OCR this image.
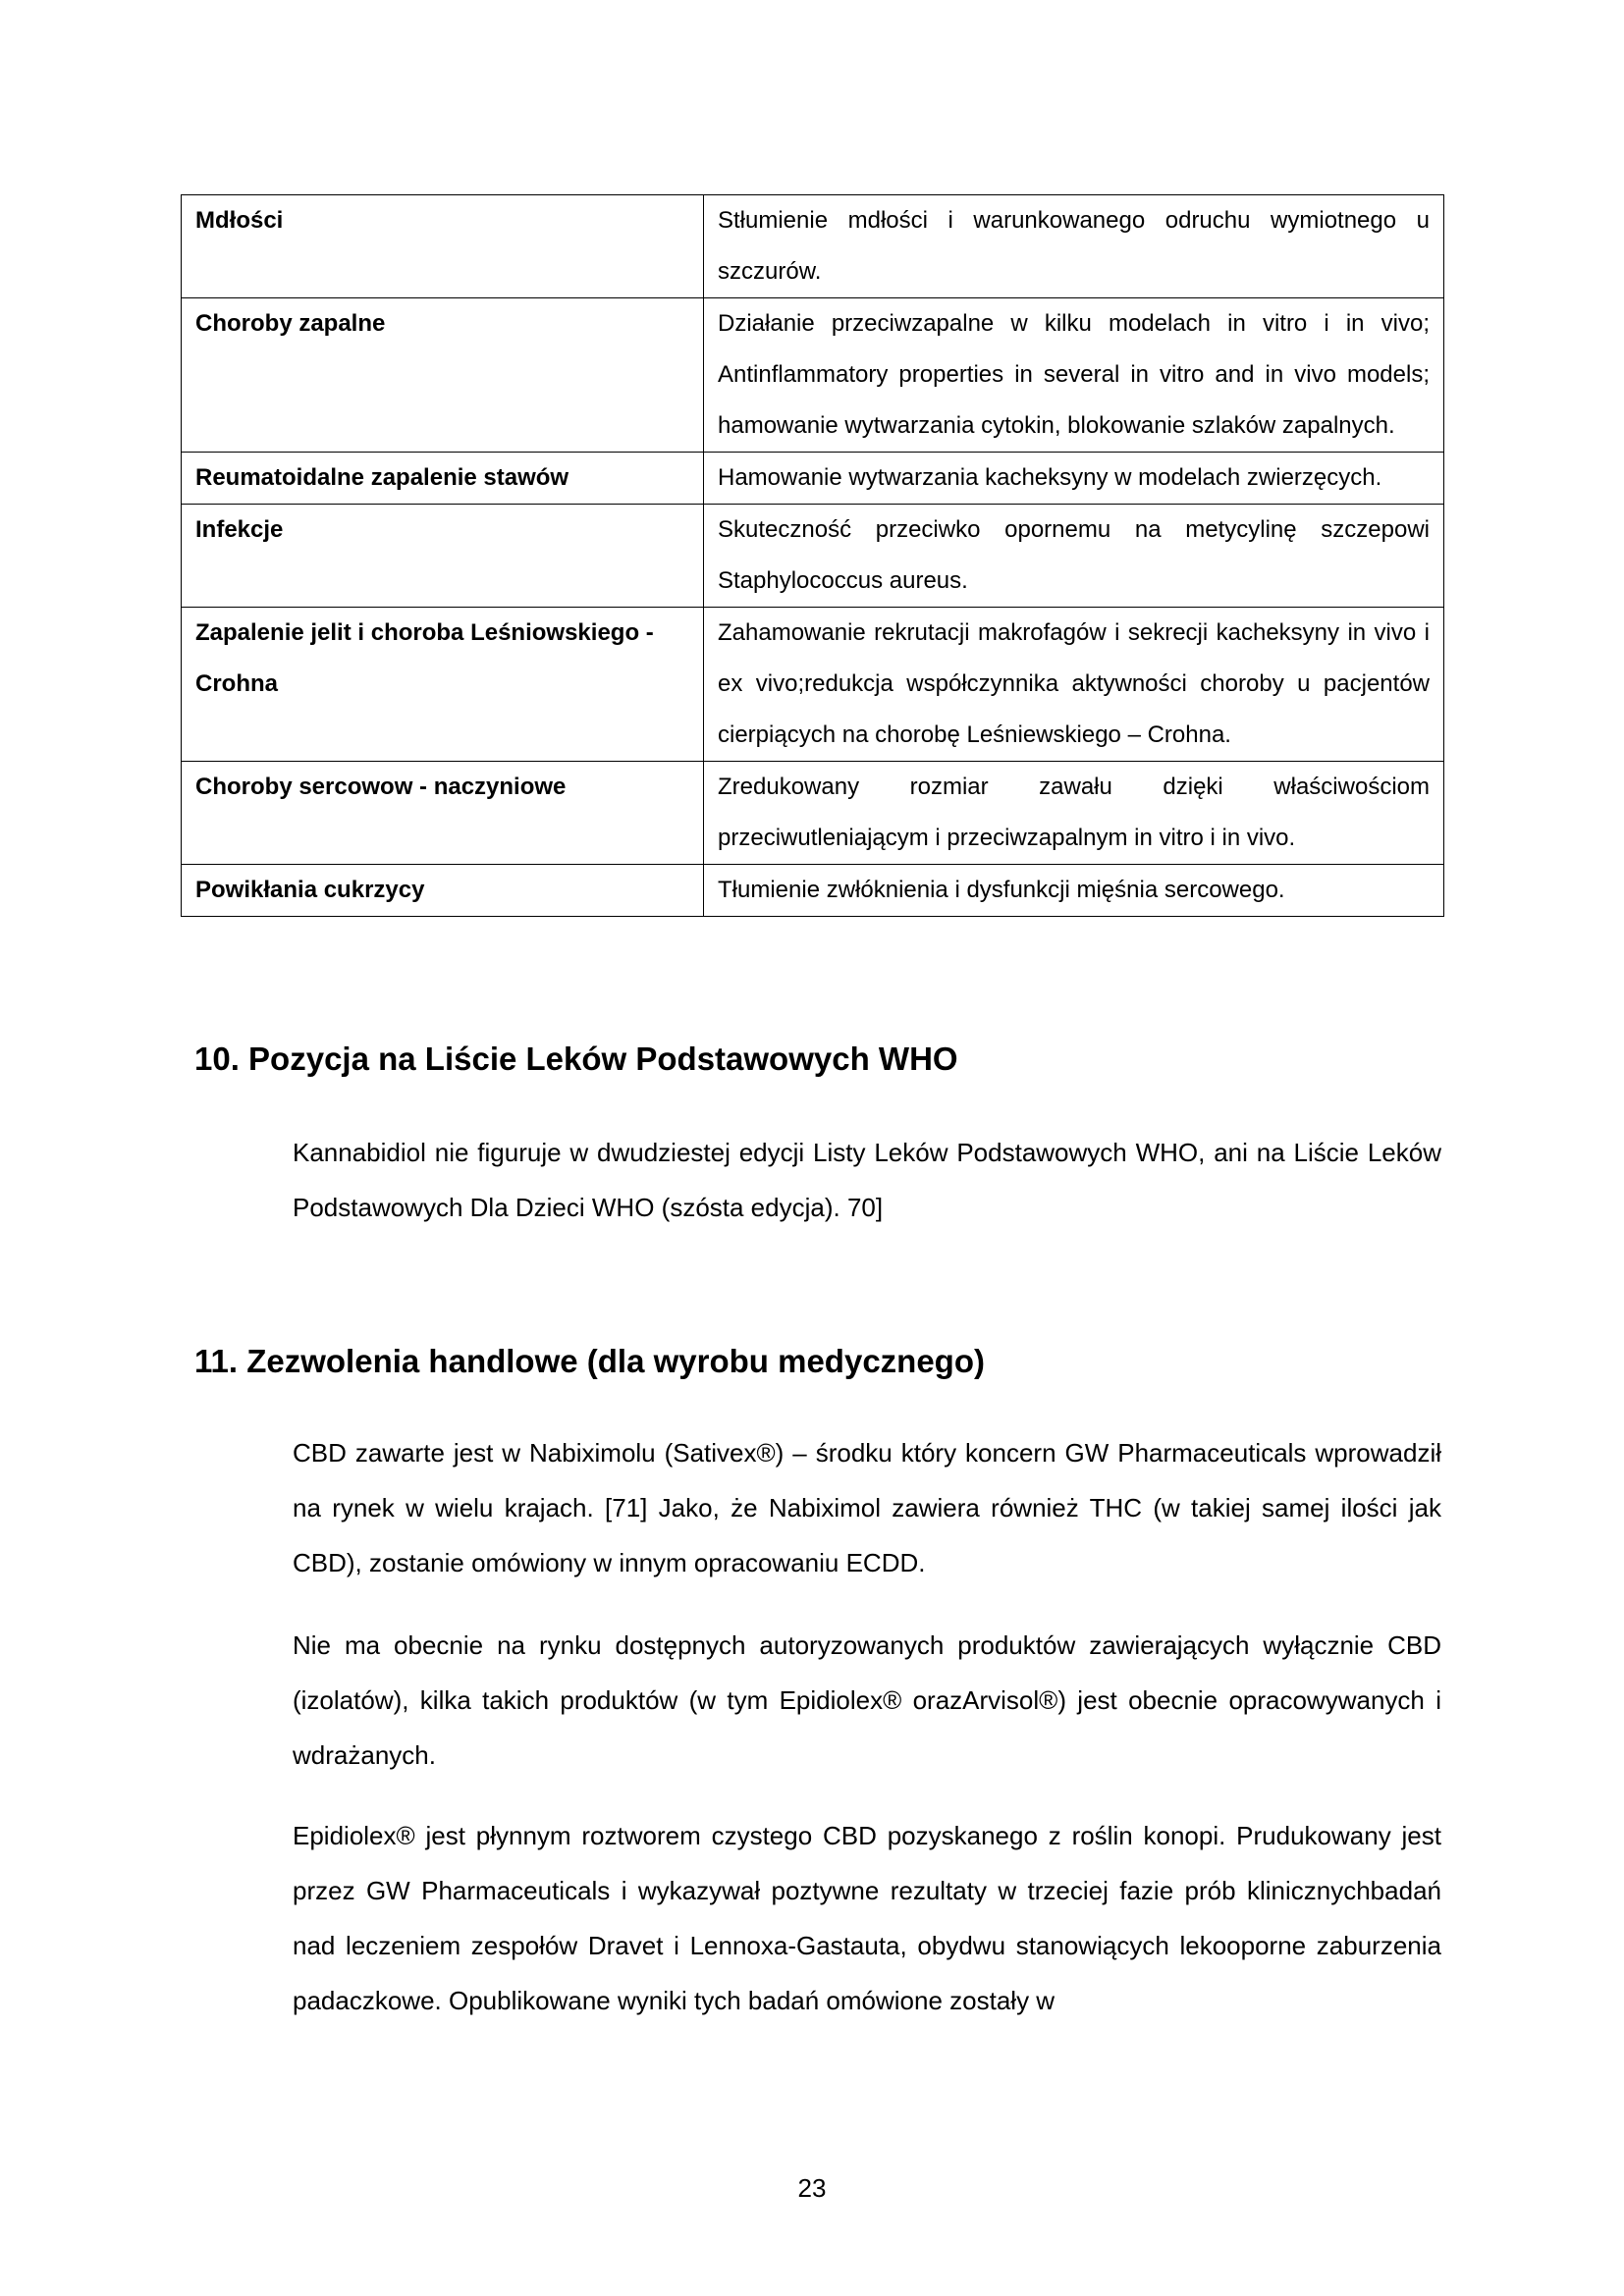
Mdłości	Stłumienie mdłości i warunkowanego odruchu wymiotnego u szczurów.
Choroby zapalne	Działanie przeciwzapalne w kilku modelach in vitro i in vivo; Antinflammatory properties in several in vitro and in vivo models; hamowanie wytwarzania cytokin, blokowanie szlaków zapalnych.
Reumatoidalne zapalenie stawów	Hamowanie wytwarzania kacheksyny w modelach zwierzęcych.
Infekcje	Skuteczność przeciwko opornemu na metycylinę szczepowi Staphylococcus aureus.
Zapalenie jelit i choroba Leśniowskiego - Crohna	Zahamowanie rekrutacji makrofagów i sekrecji kacheksyny in vivo i ex vivo;redukcja współczynnika aktywności choroby u pacjentów cierpiących na chorobę Leśniewskiego – Crohna.
Choroby sercowow - naczyniowe	Zredukowany rozmiar zawału dzięki właściwościom przeciwutleniającym i przeciwzapalnym in vitro i in vivo.
Powikłania cukrzycy	Tłumienie zwłóknienia i dysfunkcji mięśnia sercowego.
10. Pozycja na Liście Leków Podstawowych WHO

Kannabidiol nie figuruje w dwudziestej edycji Listy Leków Podstawowych WHO, ani na Liście Leków Podstawowych Dla Dzieci WHO (szósta edycja). 70]

11. Zezwolenia handlowe (dla wyrobu medycznego)

CBD zawarte jest w Nabiximolu (Sativex®) – środku który koncern GW Pharmaceuticals wprowadził na rynek w wielu krajach. [71] Jako, że Nabiximol zawiera również THC (w takiej samej ilości jak CBD), zostanie omówiony w innym opracowaniu ECDD.

Nie ma obecnie na rynku dostępnych autoryzowanych produktów zawierających wyłącznie CBD (izolatów), kilka takich produktów (w tym Epidiolex® orazArvisol®) jest obecnie opracowywanych i wdrażanych.

Epidiolex® jest płynnym roztworem czystego CBD pozyskanego z roślin konopi. Prudukowany jest przez GW Pharmaceuticals i wykazywał poztywne rezultaty w trzeciej fazie prób klinicznychbadań nad leczeniem zespołów Dravet i Lennoxa-Gastauta, obydwu stanowiących lekooporne zaburzenia padaczkowe. Opublikowane wyniki tych badań omówione zostały w

23
